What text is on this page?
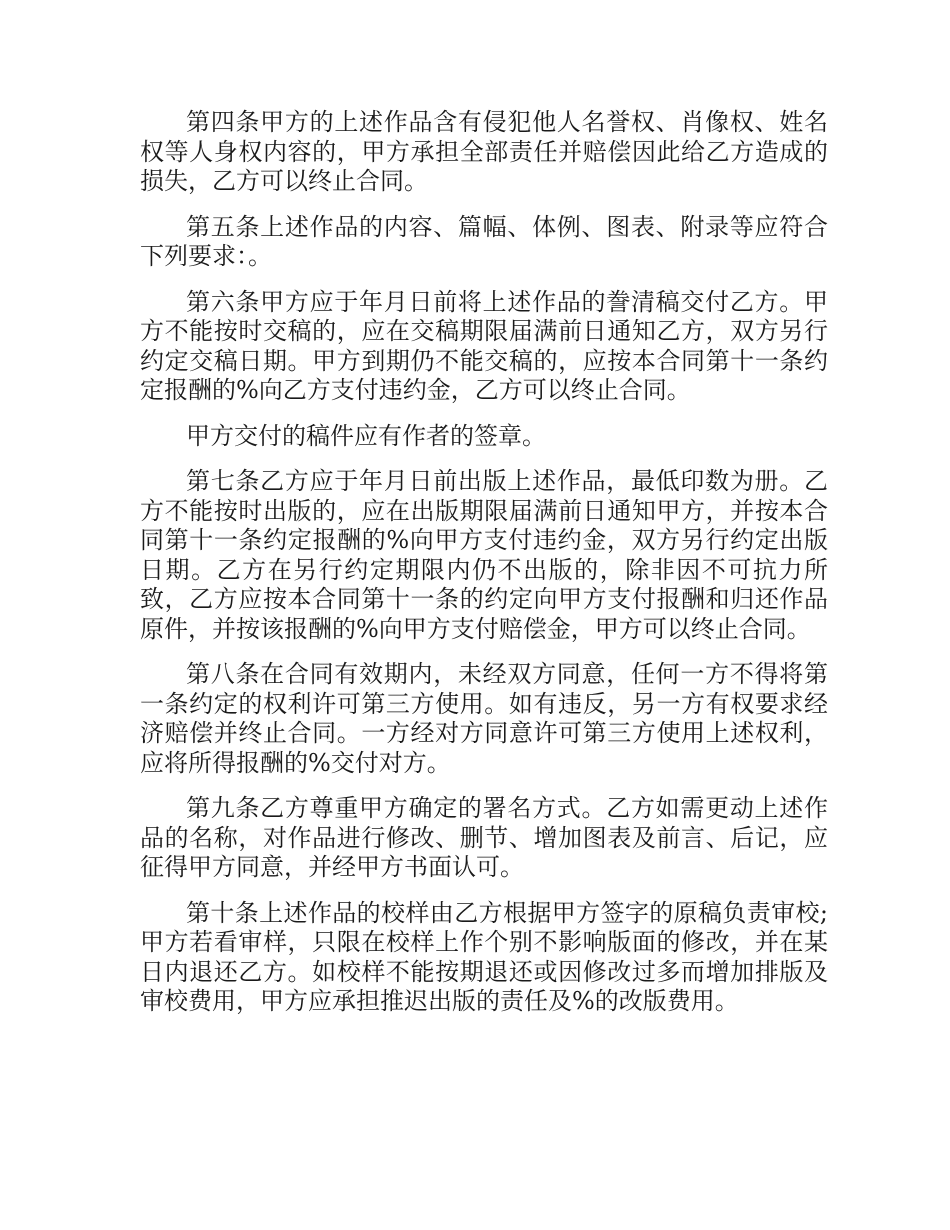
第四条甲方的上述作品含有侵犯他人名誉权、肖像权、姓名权等人身权内容的，甲方承担全部责任并赔偿因此给乙方造成的损失，乙方可以终止合同。

第五条上述作品的内容、篇幅、体例、图表、附录等应符合下列要求：。

第六条甲方应于年月日前将上述作品的誊清稿交付乙方。甲方不能按时交稿的，应在交稿期限届满前日通知乙方，双方另行约定交稿日期。甲方到期仍不能交稿的，应按本合同第十一条约定报酬的%向乙方支付违约金，乙方可以终止合同。

甲方交付的稿件应有作者的签章。

第七条乙方应于年月日前出版上述作品，最低印数为册。乙方不能按时出版的，应在出版期限届满前日通知甲方，并按本合同第十一条约定报酬的%向甲方支付违约金，双方另行约定出版日期。乙方在另行约定期限内仍不出版的，除非因不可抗力所致，乙方应按本合同第十一条的约定向甲方支付报酬和归还作品原件，并按该报酬的%向甲方支付赔偿金，甲方可以终止合同。

第八条在合同有效期内，未经双方同意，任何一方不得将第一条约定的权利许可第三方使用。如有违反，另一方有权要求经济赔偿并终止合同。一方经对方同意许可第三方使用上述权利，应将所得报酬的%交付对方。

第九条乙方尊重甲方确定的署名方式。乙方如需更动上述作品的名称，对作品进行修改、删节、增加图表及前言、后记，应征得甲方同意，并经甲方书面认可。

第十条上述作品的校样由乙方根据甲方签字的原稿负责审校;甲方若看审样，只限在校样上作个别不影响版面的修改，并在某日内退还乙方。如校样不能按期退还或因修改过多而增加排版及审校费用，甲方应承担推迟出版的责任及%的改版费用。
